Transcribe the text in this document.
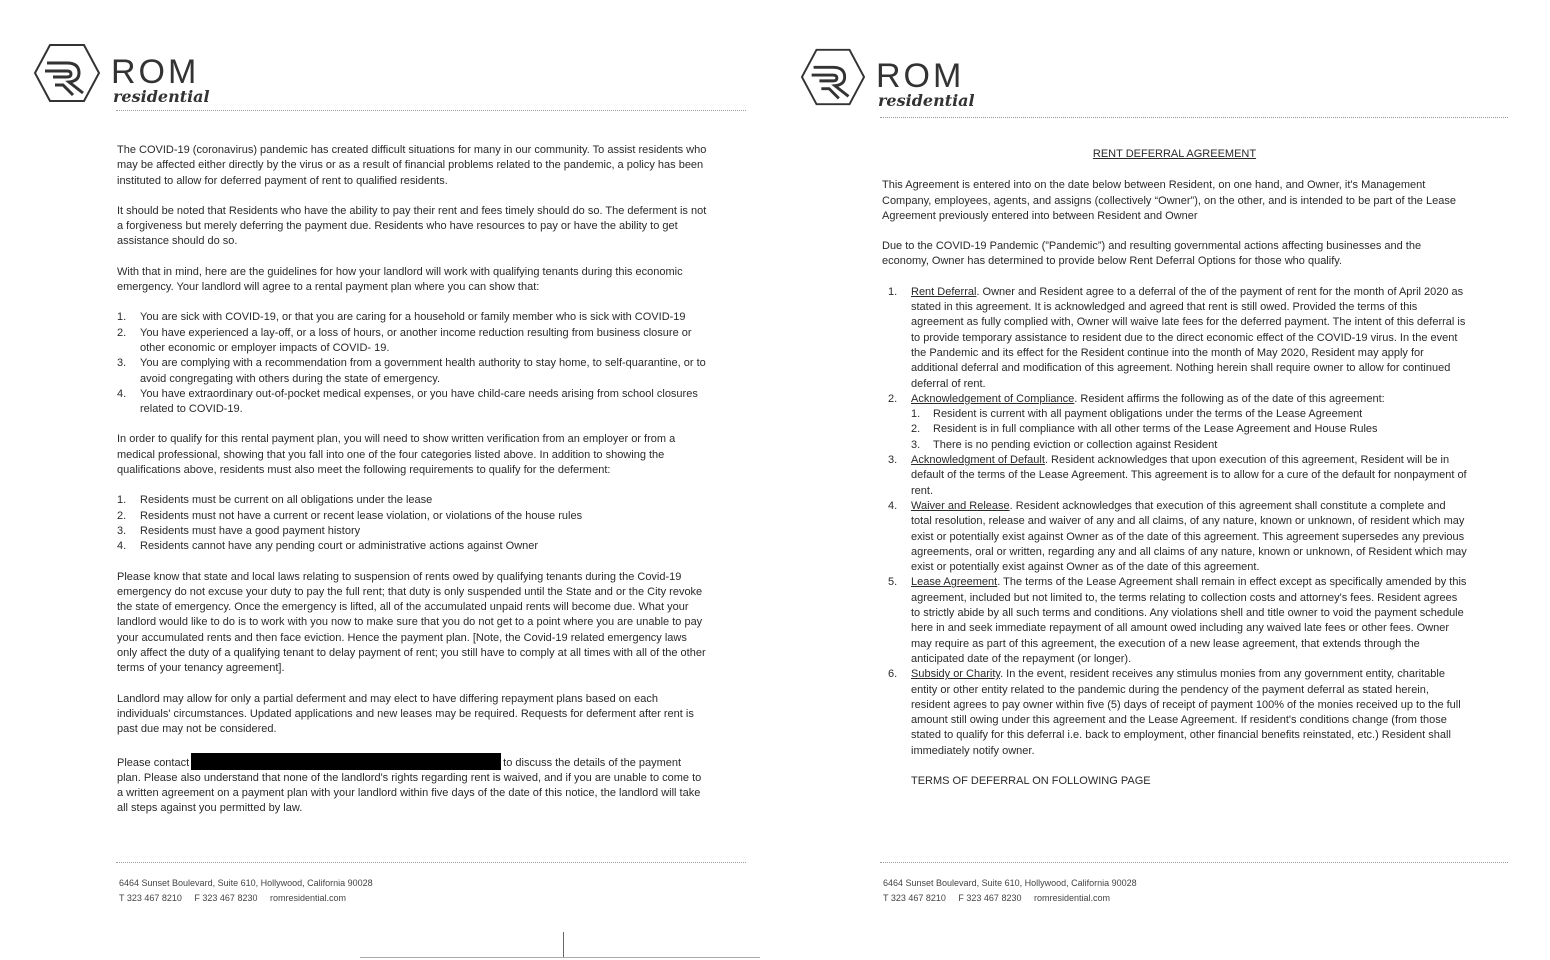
ROM
residential

The COVID-19 (coronavirus) pandemic has created difficult situations for many in our community. To assist residents who may be affected either directly by the virus or as a result of financial problems related to the pandemic, a policy has been instituted to allow for deferred payment of rent to qualified residents.

It should be noted that Residents who have the ability to pay their rent and fees timely should do so. The deferment is not a forgiveness but merely deferring the payment due. Residents who have resources to pay or have the ability to get assistance should do so.

With that in mind, here are the guidelines for how your landlord will work with qualifying tenants during this economic emergency. Your landlord will agree to a rental payment plan where you can show that:

1. You are sick with COVID-19, or that you are caring for a household or family member who is sick with COVID-19
2. You have experienced a lay-off, or a loss of hours, or another income reduction resulting from business closure or other economic or employer impacts of COVID- 19.
3. You are complying with a recommendation from a government health authority to stay home, to self-quarantine, or to avoid congregating with others during the state of emergency.
4. You have extraordinary out-of-pocket medical expenses, or you have child-care needs arising from school closures related to COVID-19.

In order to qualify for this rental payment plan, you will need to show written verification from an employer or from a medical professional, showing that you fall into one of the four categories listed above. In addition to showing the qualifications above, residents must also meet the following requirements to qualify for the deferment:

1. Residents must be current on all obligations under the lease
2. Residents must not have a current or recent lease violation, or violations of the house rules
3. Residents must have a good payment history
4. Residents cannot have any pending court or administrative actions against Owner

Please know that state and local laws relating to suspension of rents owed by qualifying tenants during the Covid-19 emergency do not excuse your duty to pay the full rent; that duty is only suspended until the State and or the City revoke the state of emergency. Once the emergency is lifted, all of the accumulated unpaid rents will become due. What your landlord would like to do is to work with you now to make sure that you do not get to a point where you are unable to pay your accumulated rents and then face eviction. Hence the payment plan. [Note, the Covid-19 related emergency laws only affect the duty of a qualifying tenant to delay payment of rent; you still have to comply at all times with all of the other terms of your tenancy agreement].

Landlord may allow for only a partial deferment and may elect to have differing repayment plans based on each individuals' circumstances. Updated applications and new leases may be required. Requests for deferment after rent is past due may not be considered.

Please contact	to discuss the details of the payment plan. Please also understand that none of the landlord's rights regarding rent is waived, and if you are unable to come to a written agreement on a payment plan with your landlord within five days of the date of this notice, the landlord will take all steps against you permitted by law.

6464 Sunset Boulevard, Suite 610, Hollywood, California 90028
T 323 467 8210 F 323 467 8230 romresidential.com
ROM
residential
RENT DEFERRAL AGREEMENT

This Agreement is entered into on the date below between Resident, on one hand, and Owner, it's Management Company, employees, agents, and assigns (collectively “Owner”), on the other, and is intended to be part of the Lease Agreement previously entered into between Resident and Owner

Due to the COVID-19 Pandemic (”Pandemic”) and resulting governmental actions affecting businesses and the economy, Owner has determined to provide below Rent Deferral Options for those who qualify.

1. Rent Deferral. Owner and Resident agree to a deferral of the of the payment of rent for the month of April 2020 as stated in this agreement. It is acknowledged and agreed that rent is still owed. Provided the terms of this agreement as fully complied with, Owner will waive late fees for the deferred payment. The intent of this deferral is to provide temporary assistance to resident due to the direct economic effect of the COVID-19 virus. In the event the Pandemic and its effect for the Resident continue into the month of May 2020, Resident may apply for additional deferral and modification of this agreement. Nothing herein shall require owner to allow for continued deferral of rent.
2. Acknowledgement of Compliance. Resident affirms the following as of the date of this agreement:
1. Resident is current with all payment obligations under the terms of the Lease Agreement
2. Resident is in full compliance with all other terms of the Lease Agreement and House Rules
3. There is no pending eviction or collection against Resident
3. Acknowledgment of Default. Resident acknowledges that upon execution of this agreement, Resident will be in default of the terms of the Lease Agreement. This agreement is to allow for a cure of the default for nonpayment of rent.
4. Waiver and Release. Resident acknowledges that execution of this agreement shall constitute a complete and total resolution, release and waiver of any and all claims, of any nature, known or unknown, of resident which may exist or potentially exist against Owner as of the date of this agreement. This agreement supersedes any previous agreements, oral or written, regarding any and all claims of any nature, known or unknown, of Resident which may exist or potentially exist against Owner as of the date of this agreement.
5. Lease Agreement. The terms of the Lease Agreement shall remain in effect except as specifically amended by this agreement, included but not limited to, the terms relating to collection costs and attorney's fees. Resident agrees to strictly abide by all such terms and conditions. Any violations shell and title owner to void the payment schedule here in and seek immediate repayment of all amount owed including any waived late fees or other fees. Owner may require as part of this agreement, the execution of a new lease agreement, that extends through the anticipated date of the repayment (or longer).
6. Subsidy or Charity. In the event, resident receives any stimulus monies from any government entity, charitable entity or other entity related to the pandemic during the pendency of the payment deferral as stated herein, resident agrees to pay owner within five (5) days of receipt of payment 100% of the monies received up to the full amount still owing under this agreement and the Lease Agreement. If resident's conditions change (from those stated to qualify for this deferral i.e. back to employment, other financial benefits reinstated, etc.) Resident shall immediately notify owner.

TERMS OF DEFERRAL ON FOLLOWING PAGE

6464 Sunset Boulevard, Suite 610, Hollywood, California 90028
T 323 467 8210 F 323 467 8230 romresidential.com
